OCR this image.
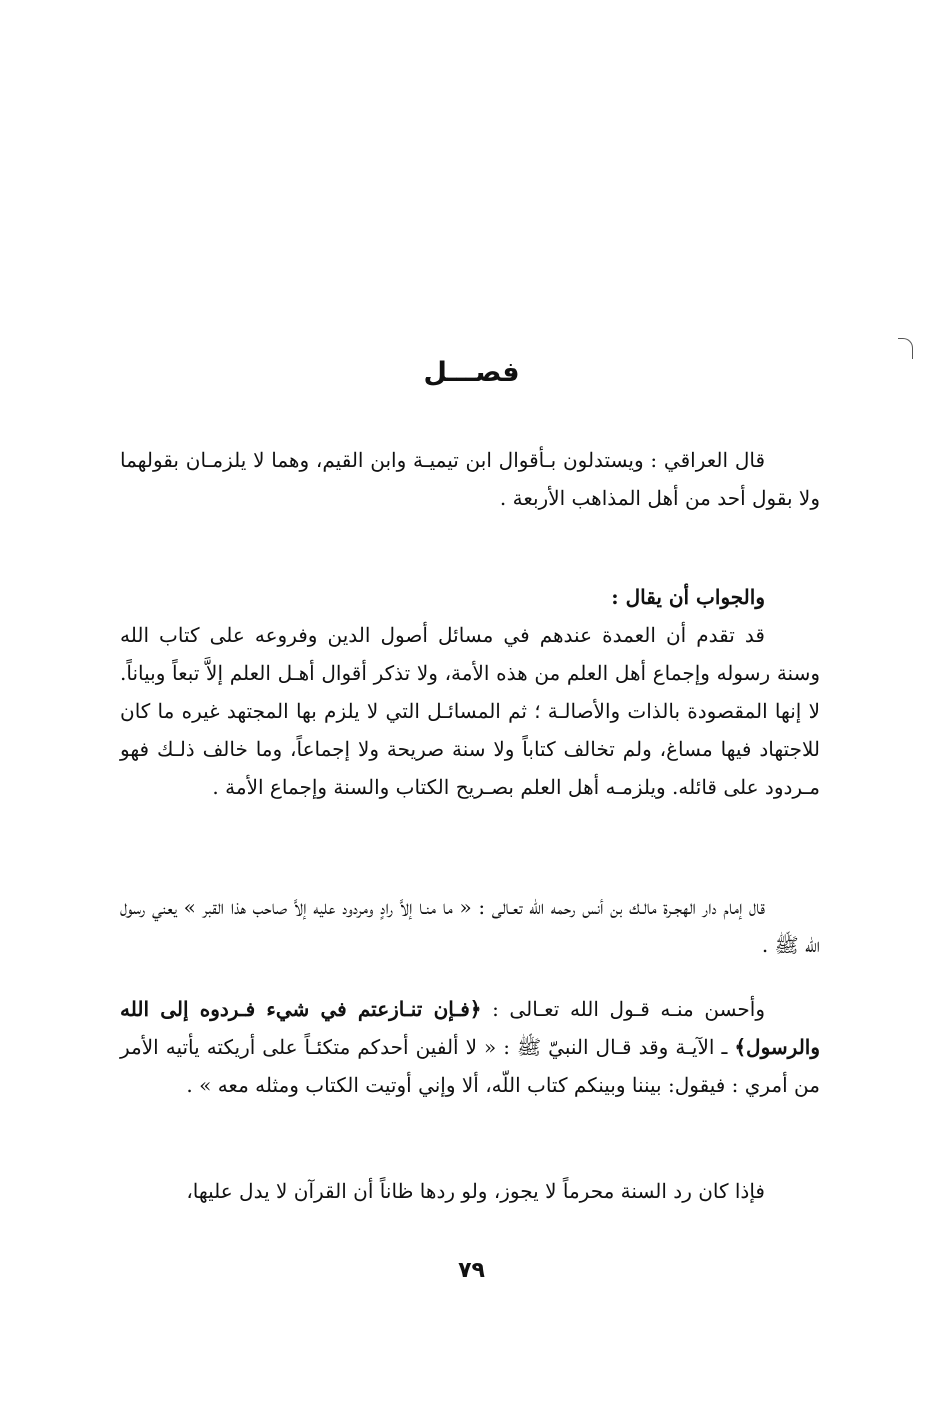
فصـــل

قال العراقي : ويستدلون بـأقوال ابن تيميـة وابن القيم، وهما لا يلزمـان بقولهما ولا بقول أحد من أهل المذاهب الأربعة .

والجواب أن يقال :

قد تقدم أن العمدة عندهم في مسائل أصول الدين وفروعه على كتاب الله وسنة رسوله وإجماع أهل العلم من هذه الأمة، ولا تذكر أقوال أهـل العلم إلاَّ تبعاً وبياناً. لا إنها المقصودة بالذات والأصالـة ؛ ثم المسائـل التي لا يلزم بها المجتهد غيره ما كان للاجتهاد فيها مساغ، ولم تخالف كتاباً ولا سنة صريحة ولا إجماعاً، وما خالف ذلـك فهو مـردود على قائله. ويلزمـه أهل العلم بصـريح الكتاب والسنة وإجماع الأمة .

قال إمام دار الهجـرة مالـك بن أنس رحمه الله تعـالى : « ما منـا إلاَّ رادٍ ومردود عليه إلاَّ صاحب هذا القبر » يعني رسول الله ﷺ .

وأحسن منـه قـول الله تعـالى : ﴿فـإن تنـازعتم في شيء فـردوه إلى الله والرسول﴾ ـ الآيـة وقد قـال النبيّ ﷺ : « لا ألفين أحدكم متكئـاً على أريكته يأتيه الأمر من أمري : فيقول: بيننا وبينكم كتاب اللّه، ألا وإني أوتيت الكتاب ومثله معه » .

فإذا كان رد السنة محرماً لا يجوز، ولو ردها ظاناً أن القرآن لا يدل عليها،

٧٩
